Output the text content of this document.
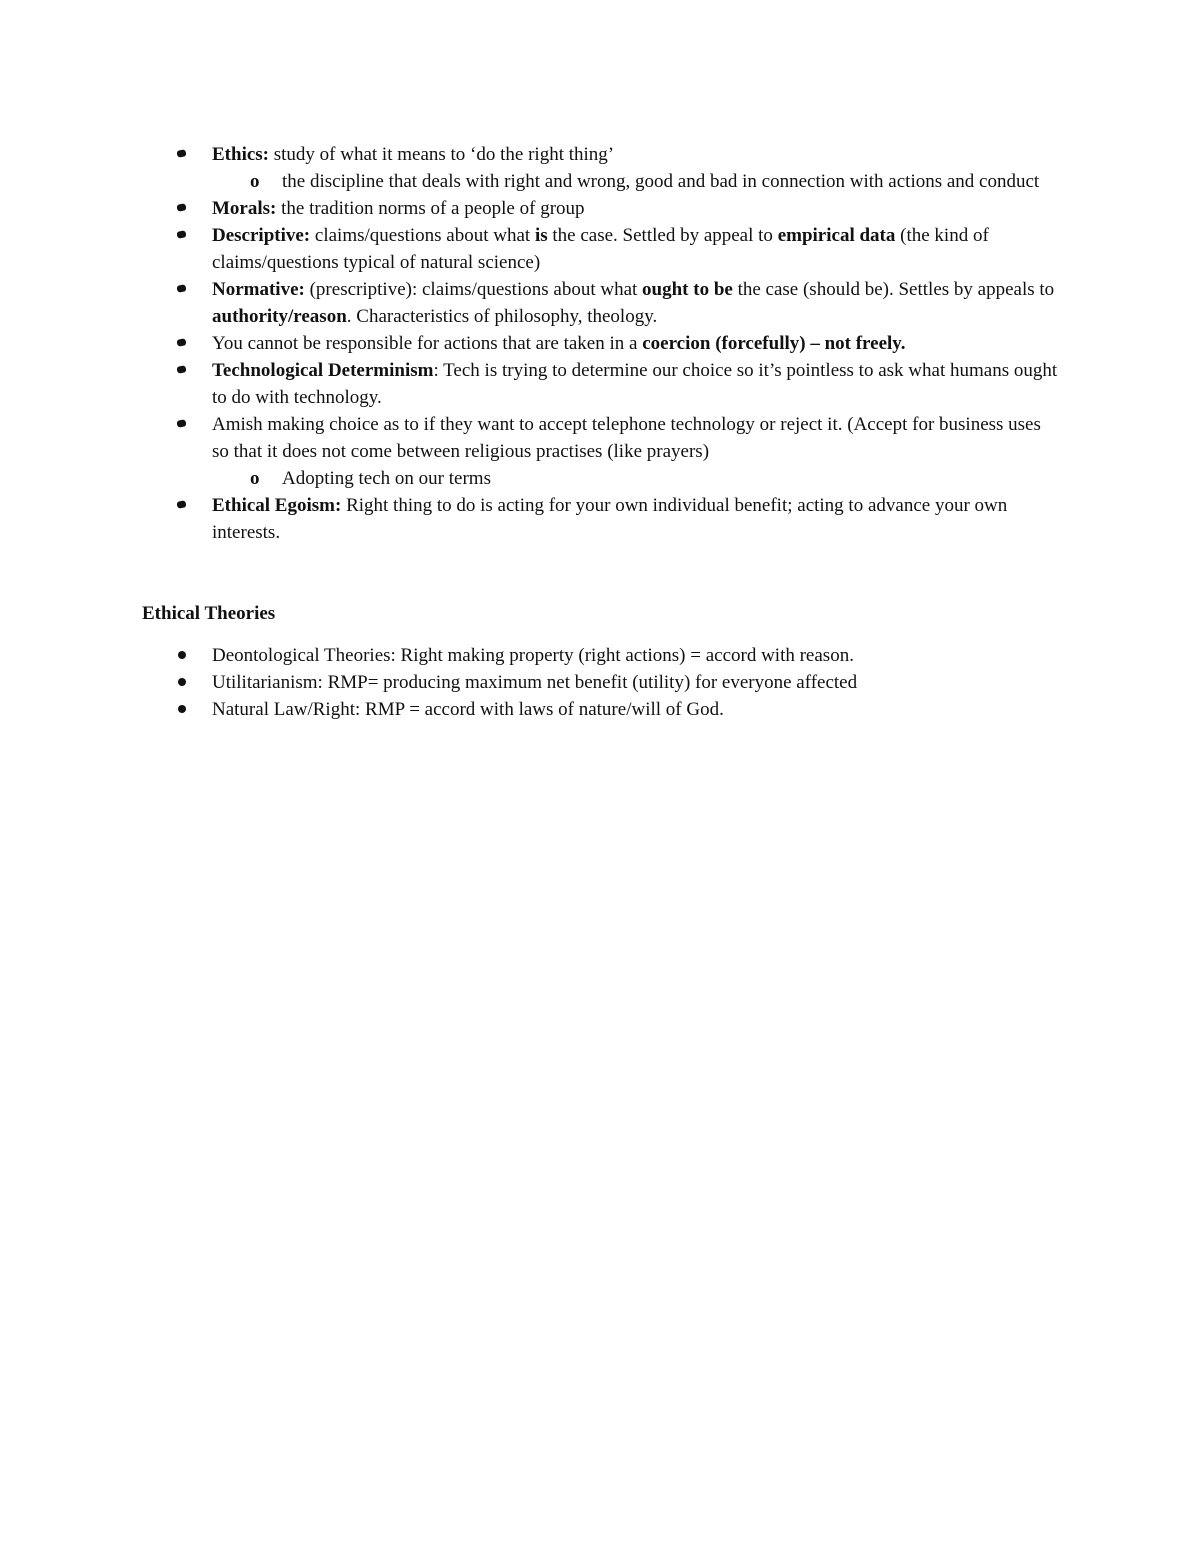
Ethics: study of what it means to ‘do the right thing’
o the discipline that deals with right and wrong, good and bad in connection with actions and conduct
Morals: the tradition norms of a people of group
Descriptive: claims/questions about what is the case. Settled by appeal to empirical data (the kind of claims/questions typical of natural science)
Normative: (prescriptive): claims/questions about what ought to be the case (should be). Settles by appeals to authority/reason. Characteristics of philosophy, theology.
You cannot be responsible for actions that are taken in a coercion (forcefully) – not freely.
Technological Determinism: Tech is trying to determine our choice so it’s pointless to ask what humans ought to do with technology.
Amish making choice as to if they want to accept telephone technology or reject it. (Accept for business uses so that it does not come between religious practises (like prayers)
o Adopting tech on our terms
Ethical Egoism: Right thing to do is acting for your own individual benefit; acting to advance your own interests.
Ethical Theories
Deontological Theories: Right making property (right actions) = accord with reason.
Utilitarianism: RMP= producing maximum net benefit (utility) for everyone affected
Natural Law/Right: RMP = accord with laws of nature/will of God.
